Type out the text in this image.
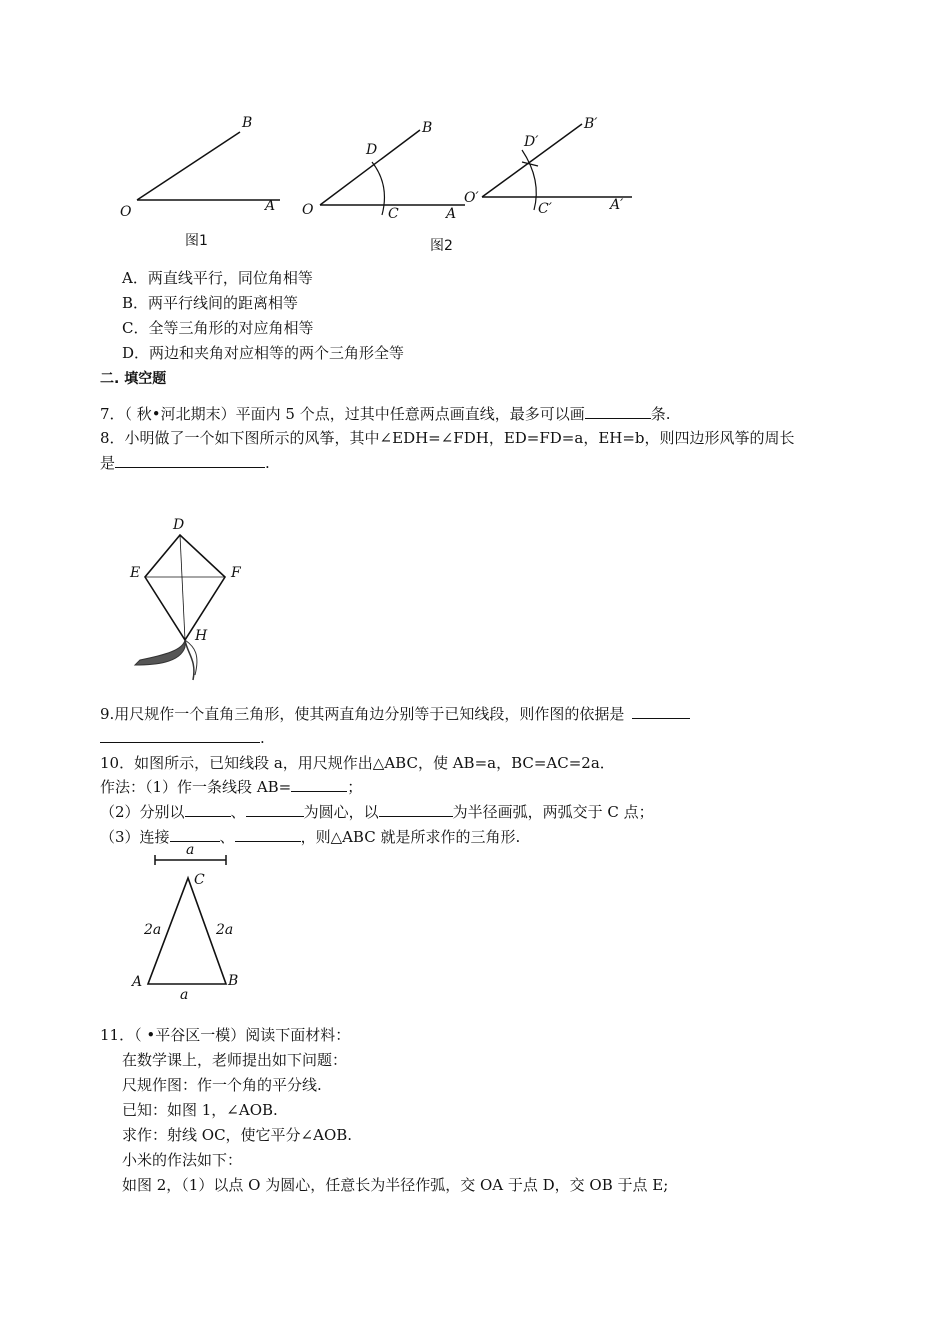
O	A
B
图1
O	A
B
C
D
O′	A′
B′
C′
D′
图2
A．两直线平行，同位角相等
B．两平行线间的距离相等
C．全等三角形的对应角相等
D．两边和夹角对应相等的两个三角形全等
二. 填空题
7．（ 秋•河北期末）平面内 5 个点，过其中任意两点画直线，最多可以画	条.
8．小明做了一个如下图所示的风筝，其中∠EDH=∠FDH，ED=FD=a，EH=b，则四边形风筝的周长
是	.
D
E	F
H
9.用尺规作一个直角三角形，使其两直角边分别等于已知线段，则作图的依据是
.
10．如图所示，已知线段 a，用尺规作出△ABC，使 AB=a，BC=AC=2a．
作法：（1）作一条线段 AB=	；
（2）分别以	、	为圆心，以	为半径画弧，两弧交于 C 点；
（3）连接	、	，则△ABC 就是所求作的三角形.
a
C
2a	2a
A	B
a
11．（ •平谷区一模）阅读下面材料：
在数学课上，老师提出如下问题：
尺规作图：作一个角的平分线.
已知：如图 1，∠AOB.
求作：射线 OC，使它平分∠AOB.
小米的作法如下：
如图 2，（1）以点 O 为圆心，任意长为半径作弧，交 OA 于点 D，交 OB 于点 E;
